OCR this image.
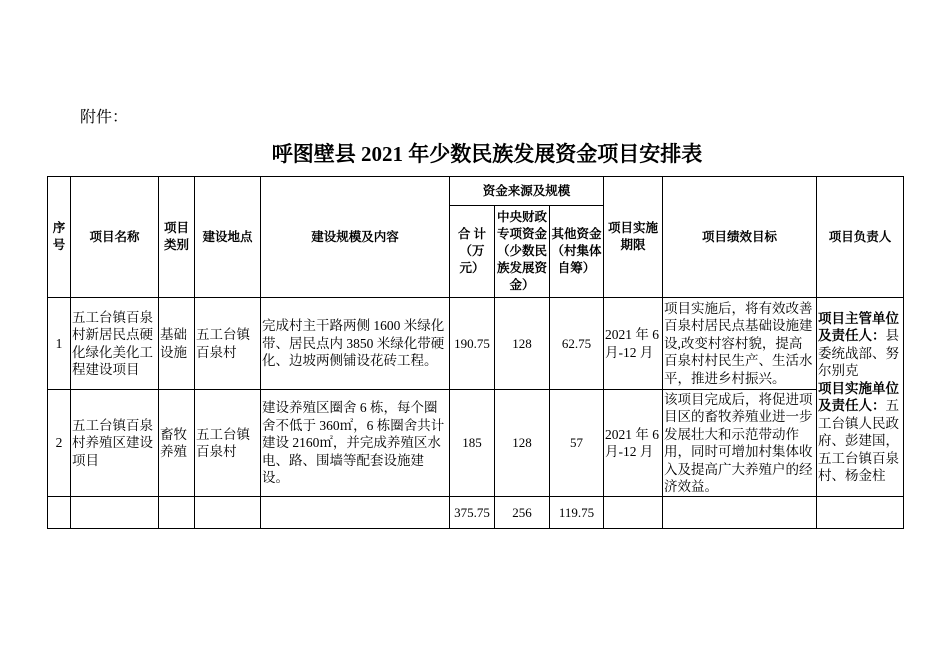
附件：
呼图壁县 2021 年少数民族发展资金项目安排表
序号	项目名称	项目类别	建设地点	建设规模及内容	资金来源及规模			项目实施期限	项目绩效目标	项目负责人
					合 计（万元）	中央财政专项资金（少数民族发展资金）	其他资金（村集体自筹）			
1	五工台镇百泉村新居民点硬化绿化美化工程建设项目	基础设施	五工台镇百泉村	完成村主干路两侧 1600 米绿化带、居民点内 3850 米绿化带硬化、边坡两侧铺设花砖工程。	190.75	128	62.75	2021 年 6 月-12 月	项目实施后，将有效改善百泉村居民点基础设施建设,改变村容村貌，提高百泉村村民生产、生活水平，推进乡村振兴。	项目主管单位及责任人：县委统战部、努尔别克
项目实施单位及责任人：五工台镇人民政府、彭建国，五工台镇百泉村、杨金柱

2	五工台镇百泉村养殖区建设项目	畜牧养殖	五工台镇百泉村	建设养殖区圈舍 6 栋，每个圈舍不低于 360㎡，6 栋圈舍共计建设 2160㎡，并完成养殖区水电、路、围墙等配套设施建设。	185	128	57	2021 年 6 月-12 月	该项目完成后，将促进项目区的畜牧养殖业进一步发展壮大和示范带动作用，同时可增加村集体收入及提高广大养殖户的经济效益。	
					375.75	256	119.75			
